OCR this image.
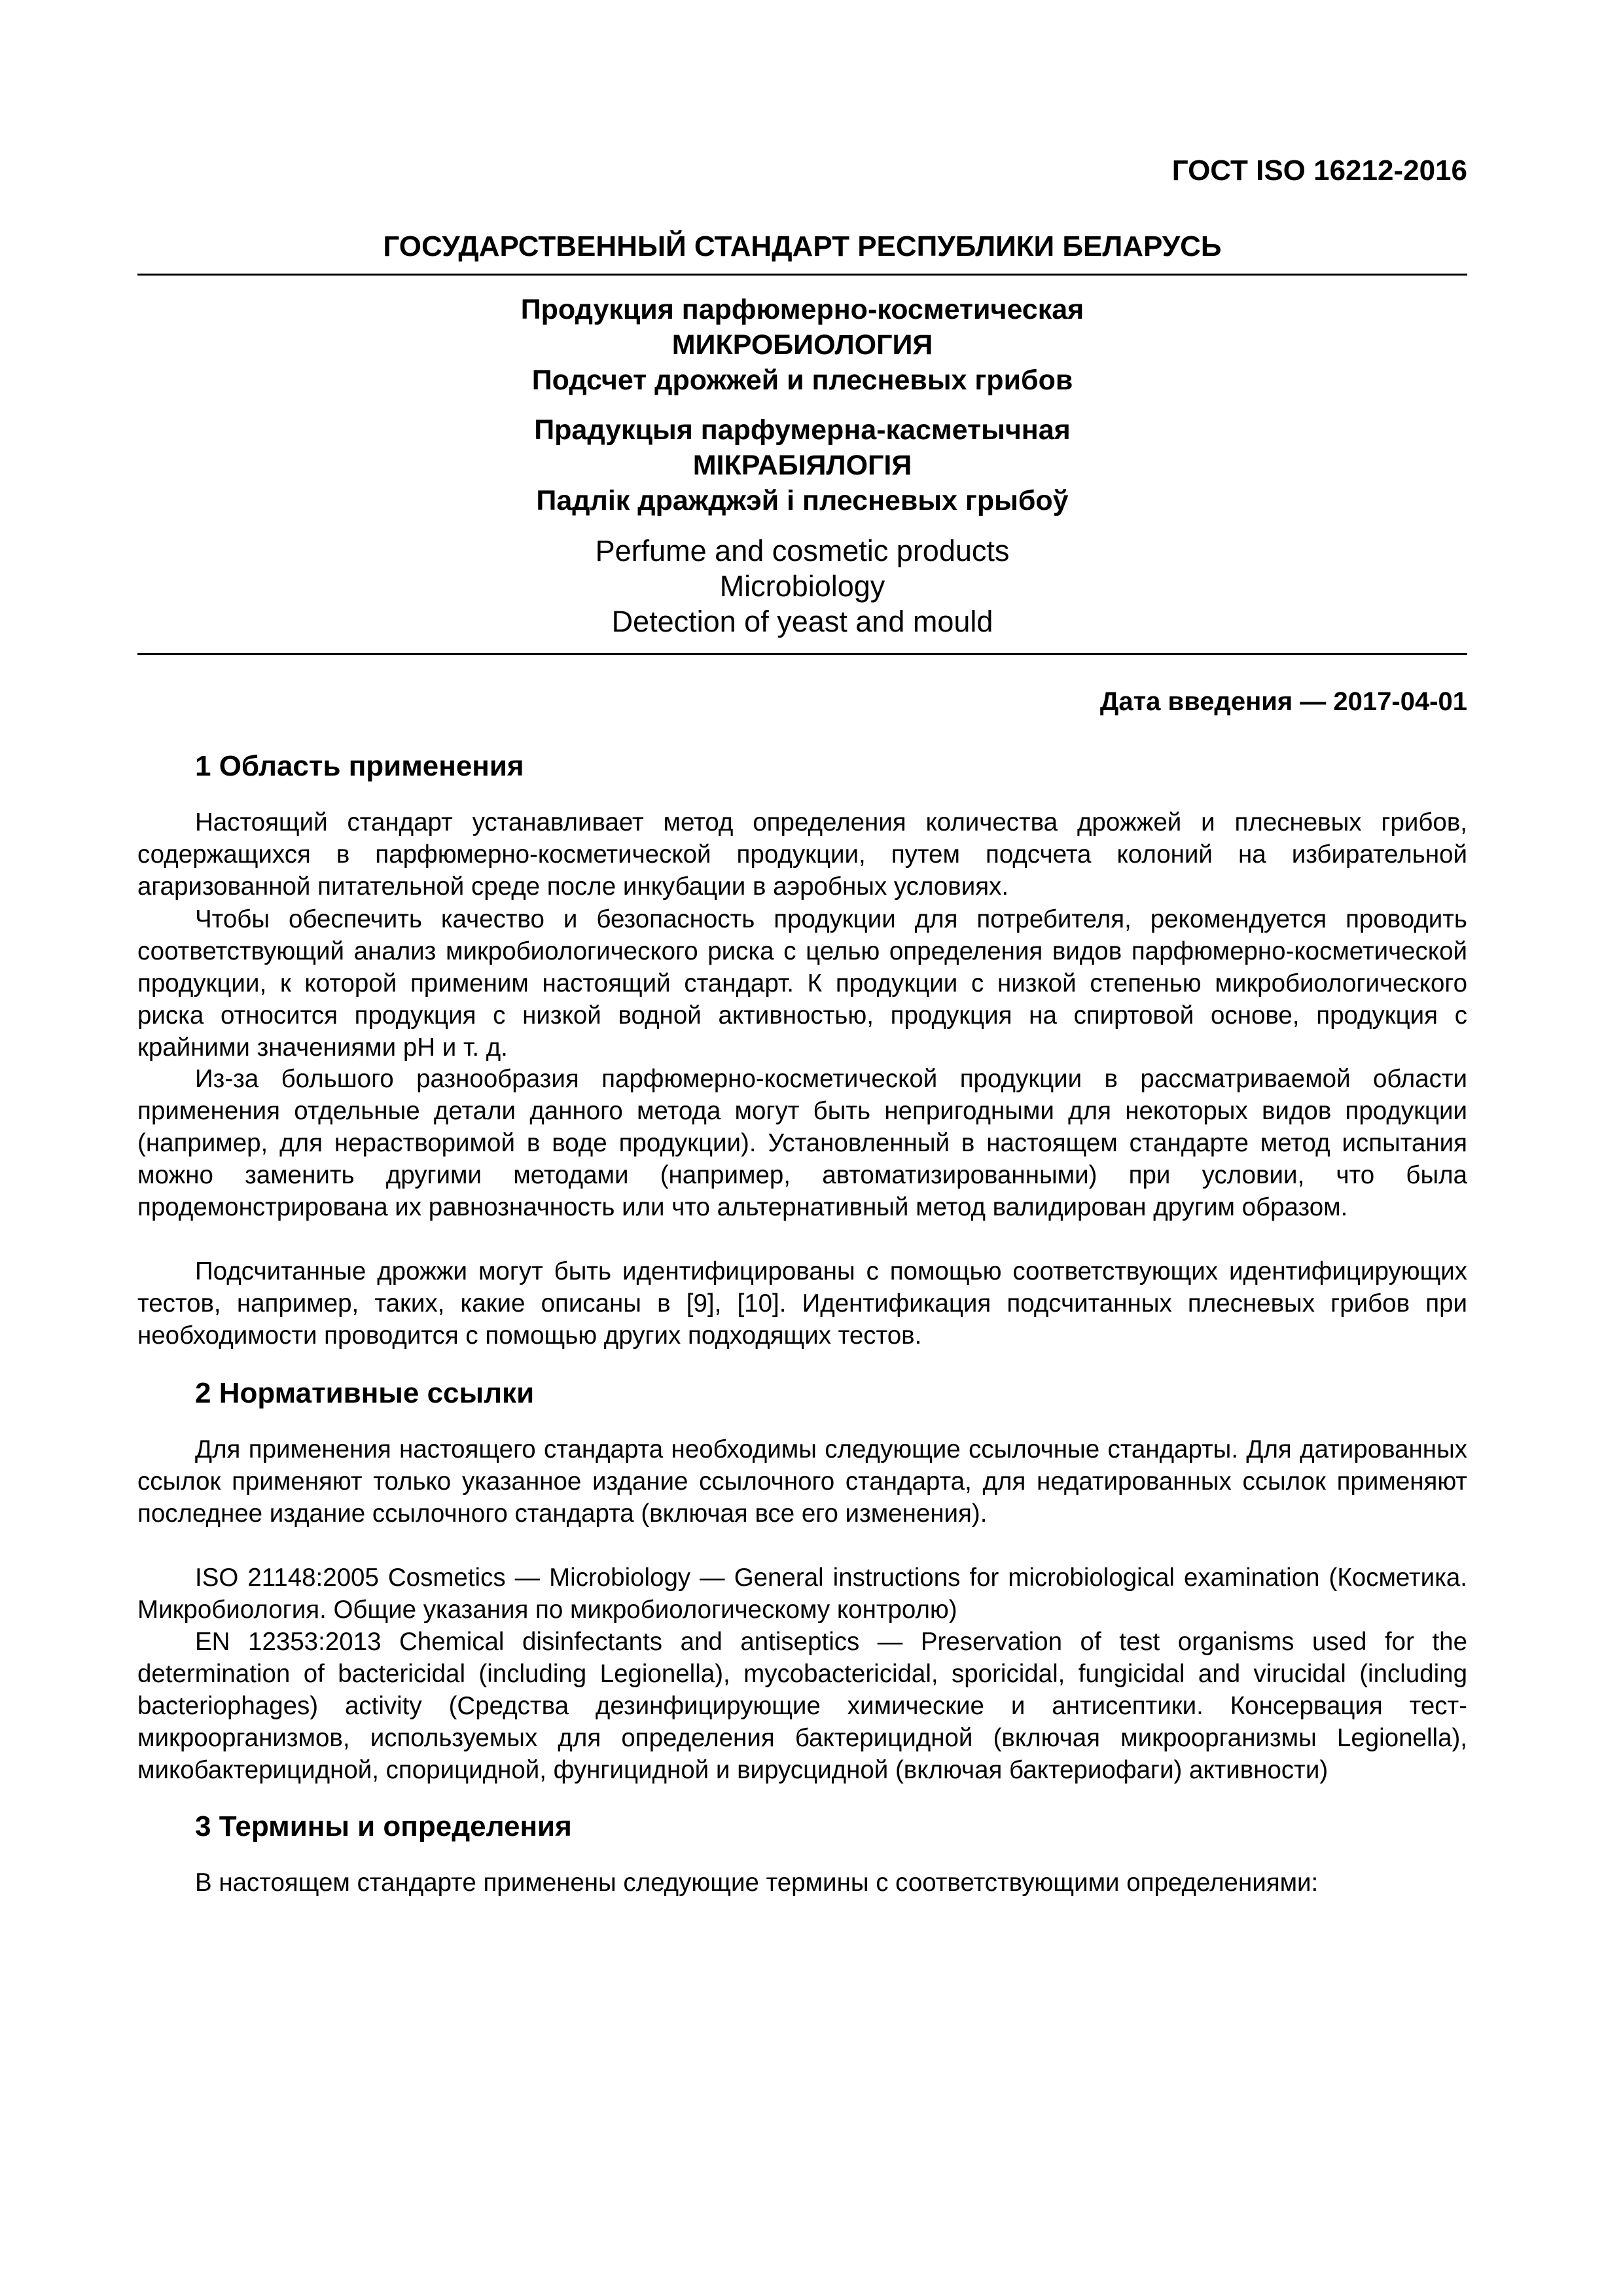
ГОСТ ISO 16212-2016
ГОСУДАРСТВЕННЫЙ СТАНДАРТ РЕСПУБЛИКИ БЕЛАРУСЬ

Продукция парфюмерно-косметическая

МИКРОБИОЛОГИЯ

Подсчет дрожжей и плесневых грибов

Прадукцыя парфумерна-касметычная

МІКРАБІЯЛОГІЯ

Падлік дражджэй і плесневых грыбоў

Perfume and cosmetic products

Microbiology

Detection of yeast and mould

Дата введения — 2017-04-01
1 Область применения

Настоящий стандарт устанавливает метод определения количества дрожжей и плесневых грибов, содержащихся в парфюмерно-косметической продукции, путем подсчета колоний на избирательной агаризованной питательной среде после инкубации в аэробных условиях.

Чтобы обеспечить качество и безопасность продукции для потребителя, рекомендуется проводить соответствующий анализ микробиологического риска с целью определения видов парфюмерно-косметической продукции, к которой применим настоящий стандарт. К продукции с низкой степенью микробиологического риска относится продукция с низкой водной активностью, продукция на спиртовой основе, продукция с крайними значениями pH и т. д.

Из-за большого разнообразия парфюмерно-косметической продукции в рассматриваемой области применения отдельные детали данного метода могут быть непригодными для некоторых видов продукции (например, для нерастворимой в воде продукции). Установленный в настоящем стандарте метод испытания можно заменить другими методами (например, автоматизированными) при условии, что была продемонстрирована их равнозначность или что альтернативный метод валидирован другим образом.

Подсчитанные дрожжи могут быть идентифицированы с помощью соответствующих идентифицирующих тестов, например, таких, какие описаны в [9], [10]. Идентификация подсчитанных плесневых грибов при необходимости проводится с помощью других подходящих тестов.

2 Нормативные ссылки

Для применения настоящего стандарта необходимы следующие ссылочные стандарты. Для датированных ссылок применяют только указанное издание ссылочного стандарта, для недатированных ссылок применяют последнее издание ссылочного стандарта (включая все его изменения).

ISO 21148:2005 Cosmetics — Microbiology — General instructions for microbiological examination (Косметика. Микробиология. Общие указания по микробиологическому контролю)

EN 12353:2013 Chemical disinfectants and antiseptics — Preservation of test organisms used for the determination of bactericidal (including Legionella), mycobactericidal, sporicidal, fungicidal and virucidal (including bacteriophages) activity (Средства дезинфицирующие химические и антисептики. Консервация тест-микроорганизмов, используемых для определения бактерицидной (включая микроорганизмы Legionella), микобактерицидной, спорицидной, фунгицидной и вирусцидной (включая бактериофаги) активности)

3 Термины и определения

В настоящем стандарте применены следующие термины с соответствующими определениями:
